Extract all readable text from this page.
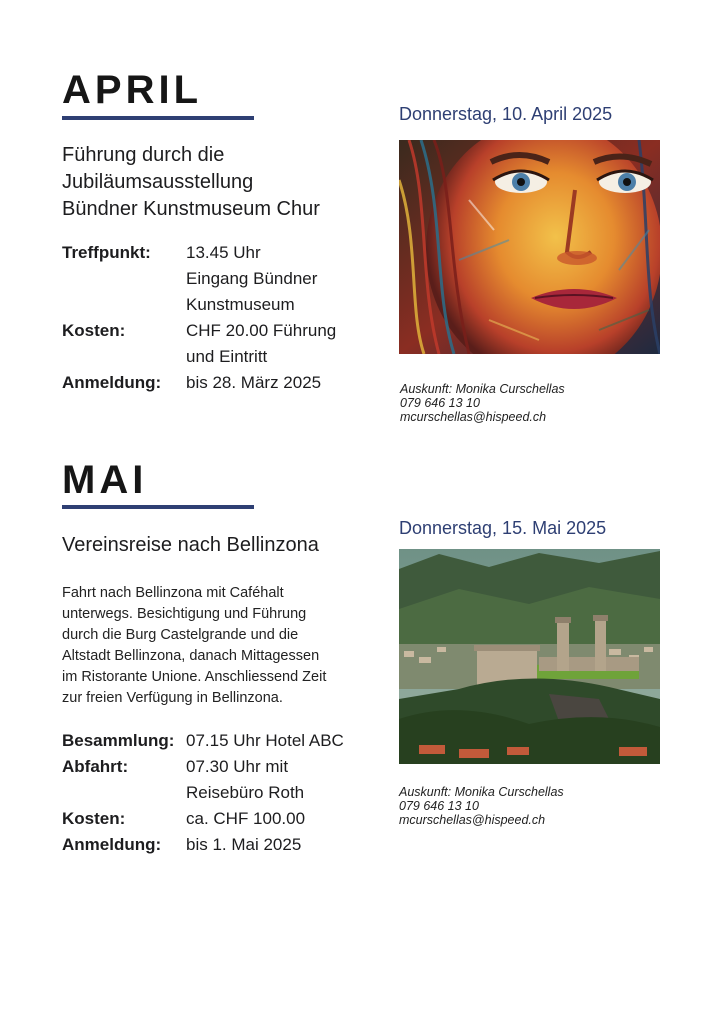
APRIL
Führung durch die
Jubiläumsausstellung
Bündner Kunstmuseum Chur
Treffpunkt:	13.45 Uhr
Eingang Bündner
Kunstmuseum

Kosten:	CHF 20.00 Führung
und Eintritt

Anmeldung:	bis 28. März 2025
Donnerstag, 10. April 2025
Auskunft: Monika Curschellas
079 646 13 10
mcurschellas@hispeed.ch
MAI
Vereinsreise nach Bellinzona
Fahrt nach Bellinzona mit Caféhalt
unterwegs. Besichtigung und Führung
durch die Burg Castelgrande und die
Altstadt Bellinzona, danach Mittagessen
im Ristorante Unione. Anschliessend Zeit
zur freien Verfügung in Bellinzona.
Besammlung:	07.15 Uhr Hotel ABC

Abfahrt:	07.30 Uhr mit
Reisebüro Roth

Kosten:	ca. CHF 100.00

Anmeldung:	bis 1. Mai 2025
Donnerstag, 15. Mai 2025
Auskunft: Monika Curschellas
079 646 13 10
mcurschellas@hispeed.ch
